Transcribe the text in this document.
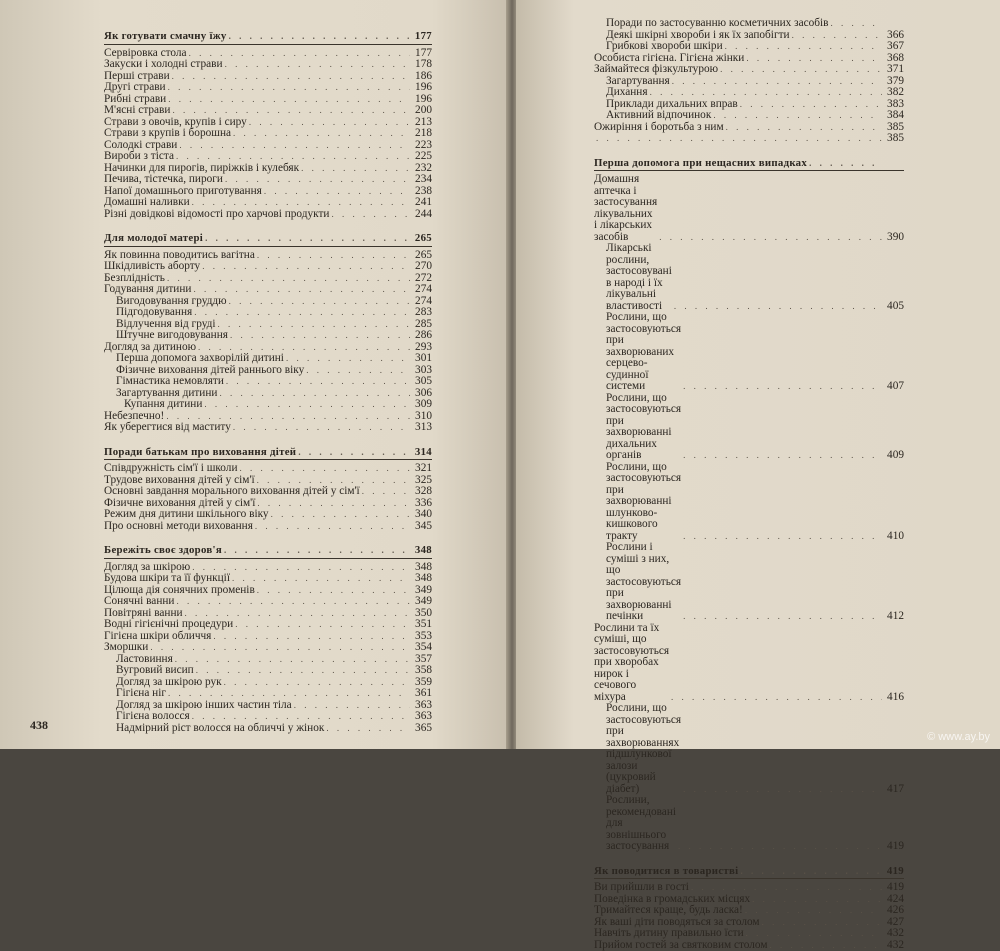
Як готувати смачну їжу . . .	177
Сервіровка стола . . .	177
Закуски і холодні страви . . .	178
Перші страви . . .	186
Другі страви . . .	196
Рибні страви . . .	196
М'ясні страви . . .	200
Страви з овочів, крупів і сиру . . .	213
Страви з крупів і борошна . . .	218
Солодкі страви . . .	223
Вироби з тіста . . .	225
Начинки для пирогів, пиріжків і кулебяк . . .	232
Печива, тістечка, пироги . . .	234
Напої домашнього приготування . . .	238
Домашні наливки . . .	241
Різні довідкові відомості про харчові продукти . . .	244
Для молодої матері . . .	265
Як повинна поводитись вагітна . . .	265
Шкідливість аборту . . .	270
Безплідність . . .	272
Годування дитини . . .	274
Вигодовування груддю . . .	274
Підгодовування . . .	283
Відлучення від груді . . .	285
Штучне вигодовування . . .	286
Догляд за дитиною . . .	293
Перша допомога захворілій дитині . . .	301
Фізичне виховання дітей раннього віку . . .	303
Гімнастика немовляти . . .	305
Загартування дитини . . .	306
Купання дитини . . .	309
Небезпечно! . . .	310
Як уберегтися від маститу . . .	313
Поради батькам про виховання дітей . . .	314
Співдружність сім'ї і школи . . .	321
Трудове виховання дітей у сім'ї . . .	325
Основні завдання морального виховання дітей у сім'ї . . .	328
Фізичне виховання дітей у сім'ї . . .	336
Режим дня дитини шкільного віку . . .	340
Про основні методи виховання . . .	345
Бережіть своє здоров'я . . .	348
Догляд за шкірою . . .	348
Будова шкіри та її функції . . .	348
Цілюща дія сонячних променів . . .	349
Сонячні ванни . . .	349
Повітряні ванни . . .	350
Водні гігієнічні процедури . . .	351
Гігієна шкіри обличчя . . .	353
Зморшки . . .	354
Ластовиння . . .	357
Вугровий висип . . .	358
Догляд за шкірою рук . . .	359
Гігієна ніг . . .	361
Догляд за шкірою інших частин тіла . . .	363
Гігієна волосся . . .	363
Надмірний ріст волосся на обличчі у жінок . . .	365
Поради по застосуванню косметичних засобів
. . .
Деякі шкірні хвороби і як їх запобігти . . .	366
Грибкові хвороби шкіри . . .	367
Особиста гігієна. Гігієна жінки . . .	368
Займайтеся фізкультурою . . .	371
Загартування . . .	379
Дихання . . .	382
Приклади дихальних вправ . . .	383
Активний відпочинок . . .	384
Ожиріння і боротьба з ним . . .	385
. . .
385
Перша допомога при нещасних випадках
. . .
Домашня аптечка і застосування лікувальних і лікарських засобів . . .	390
Лікарські рослини, застосовувані в народі і їх лікувальні властивості . . .	405
Рослини, що застосовуються при захворюваних серцево-судинної системи . . .	407
Рослини, що застосовуються при захворюванні дихальних органів . . .	409
Рослини, що застосовуються при захворюванні шлунково-кишкового тракту . . .	410
Рослини і суміші з них, що застосовуються при захворюванні печінки . . .	412
Рослини та їх суміші, що застосовуються при хворобах нирок і сечового міхура . . .	416
Рослини, що застосовуються при захворюваннях підшлункової залози (цукровий діабет) . . .	417
Рослини, рекомендовані для зовнішнього застосування . . .	419
Як поводитися в товаристві . . .	419
Ви прийшли в гості . . .	419
Поведінка в громадських місцях . . .	424
Тримайтеся краще, будь ласка! . . .	426
Як ваші діти поводяться за столом . . .	427
Навчіть дитину правильно їсти . . .	432
Прийом гостей за святковим столом . . .	432
438
© www.ay.by
